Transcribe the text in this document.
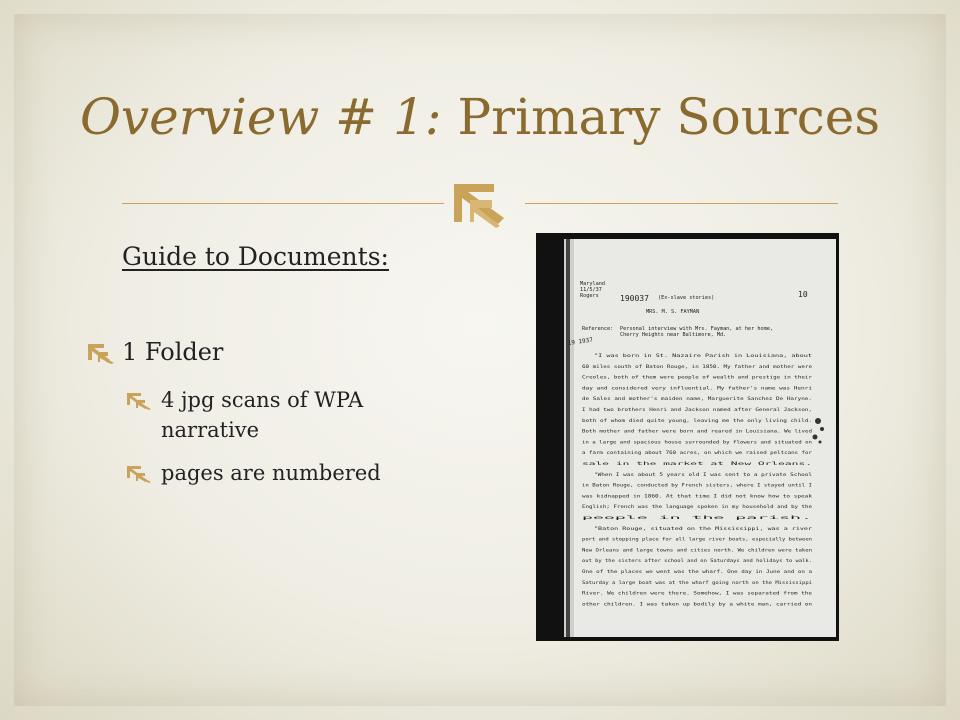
Overview # 1: Primary Sources
Guide to Documents:
1 Folder
4 jpg scans of WPA narrative
pages are numbered
Maryland
11/5/37
Rogers	190037 (Ex-slave stories)	10
MRS. M. S. FAYMAN
Reference: Personal interview with Mrs. Fayman, at her home,
Cherry Heights near Baltimore, Md.
19 1937
"I was born in St. Nazaire Parish in Louisiana, about
60 miles south of Baton Rouge, in 1850. My father and mother were
Creoles, both of them were people of wealth and prestige in their
day and considered very influential. My father's name was Henri
de Sales and mother's maiden name, Marguerite Sanchez De Haryne.
I had two brothers Henri and Jackson named after General Jackson,
both of whom died quite young, leaving me the only living child.
Both mother and father were born and reared in Louisiana. We lived
in a large and spacious house surrounded by flowers and situated on
a farm containing about 760 acres, on which we raised peltcans for
sale in the market at New Orleans.
"When I was about 5 years old I was sent to a private School
in Baton Rouge, conducted by French sisters, where I stayed until I
was kidnapped in 1860. At that time I did not know how to speak
English; French was the language spoken in my household and by the
people in the parish.
"Baton Rouge, situated on the Mississippi, was a river
port and stopping place for all large river boats, especially between
New Orleans and large towns and cities north. We children were taken
out by the sisters after school and on Saturdays and holidays to walk.
One of the places we went was the wharf. One day in June and on a
Saturday a large boat was at the wharf going north on the Mississippi
River. We children were there. Somehow, I was separated from the
other children. I was taken up bodily by a white man, carried on
